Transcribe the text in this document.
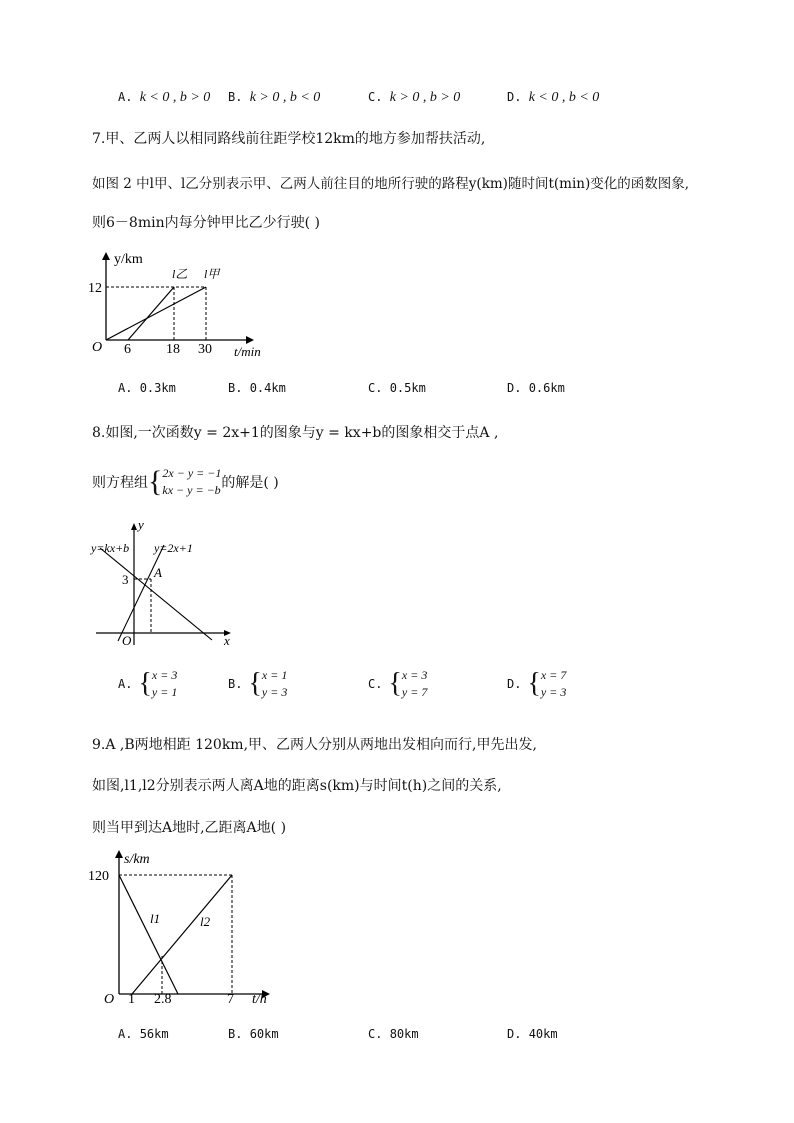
A. k < 0 , b > 0 B. k > 0 , b < 0	C. k > 0 , b > 0	D. k < 0 , b < 0
7.甲、乙两人以相同路线前往距学校12km的地方参加帮扶活动,
如图 2 中l甲、l乙分别表示甲、乙两人前往目的地所行驶的路程y(km)随时间t(min)变化的函数图象,
则6－8min内每分钟甲比乙少行驶( )
y/km
t/min
O
12
6	18 30
l乙 l甲
A. 0.3km	B. 0.4km	C. 0.5km	D. 0.6km
8.如图,一次函数y = 2x+1的图象与y = kx+b的图象相交于点A ,
则方程组 { 2x − y = −1
kx − y = −b 的解是( )
y
x
O
y=kx+b y=2x+1
A
3
A. { x = 3
y = 1
B. { x = 1
y = 3
C. { x = 3
y = 7
D. { x = 7
y = 3
9.A ,B两地相距 120km,甲、乙两人分别从两地出发相向而行,甲先出发,
如图,l1,l2分别表示两人离A地的距离s(km)与时间t(h)之间的关系,
则当甲到达A地时,乙距离A地( )
s/km
t/h
O
120
1 2.8	7
l1	l2
A. 56km	B. 60km	C. 80km	D. 40km
